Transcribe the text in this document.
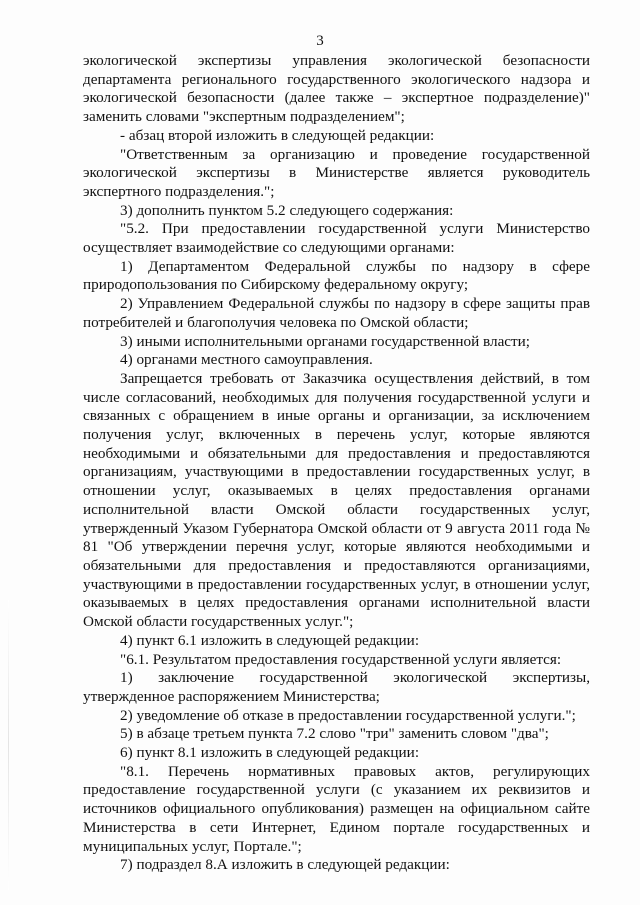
3

экологической экспертизы управления экологической безопасности департамента регионального государственного экологического надзора и экологической безопасности (далее также – экспертное подразделение)" заменить словами "экспертным подразделением";

- абзац второй изложить в следующей редакции:

"Ответственным за организацию и проведение государственной экологической экспертизы в Министерстве является руководитель экспертного подразделения.";

3) дополнить пунктом 5.2 следующего содержания:

"5.2. При предоставлении государственной услуги Министерство осуществляет взаимодействие со следующими органами:

1) Департаментом Федеральной службы по надзору в сфере природопользования по Сибирскому федеральному округу;

2) Управлением Федеральной службы по надзору в сфере защиты прав потребителей и благополучия человека по Омской области;

3) иными исполнительными органами государственной власти;

4) органами местного самоуправления.

Запрещается требовать от Заказчика осуществления действий, в том числе согласований, необходимых для получения государственной услуги и связанных с обращением в иные органы и организации, за исключением получения услуг, включенных в перечень услуг, которые являются необходимыми и обязательными для предоставления и предоставляются организациям, участвующими в предоставлении государственных услуг, в отношении услуг, оказываемых в целях предоставления органами исполнительной власти Омской области государственных услуг, утвержденный Указом Губернатора Омской области от 9 августа 2011 года № 81 "Об утверждении перечня услуг, которые являются необходимыми и обязательными для предоставления и предоставляются организациями, участвующими в предоставлении государственных услуг, в отношении услуг, оказываемых в целях предоставления органами исполнительной власти Омской области государственных услуг.";

4) пункт 6.1 изложить в следующей редакции:

"6.1. Результатом предоставления государственной услуги является:

1) заключение государственной экологической экспертизы, утвержденное распоряжением Министерства;

2) уведомление об отказе в предоставлении государственной услуги.";

5) в абзаце третьем пункта 7.2 слово "три" заменить словом "два";

6) пункт 8.1 изложить в следующей редакции:

"8.1. Перечень нормативных правовых актов, регулирующих предоставление государственной услуги (с указанием их реквизитов и источников официального опубликования) размещен на официальном сайте Министерства в сети Интернет, Едином портале государственных и муниципальных услуг, Портале.";

7) подраздел 8.А изложить в следующей редакции:
